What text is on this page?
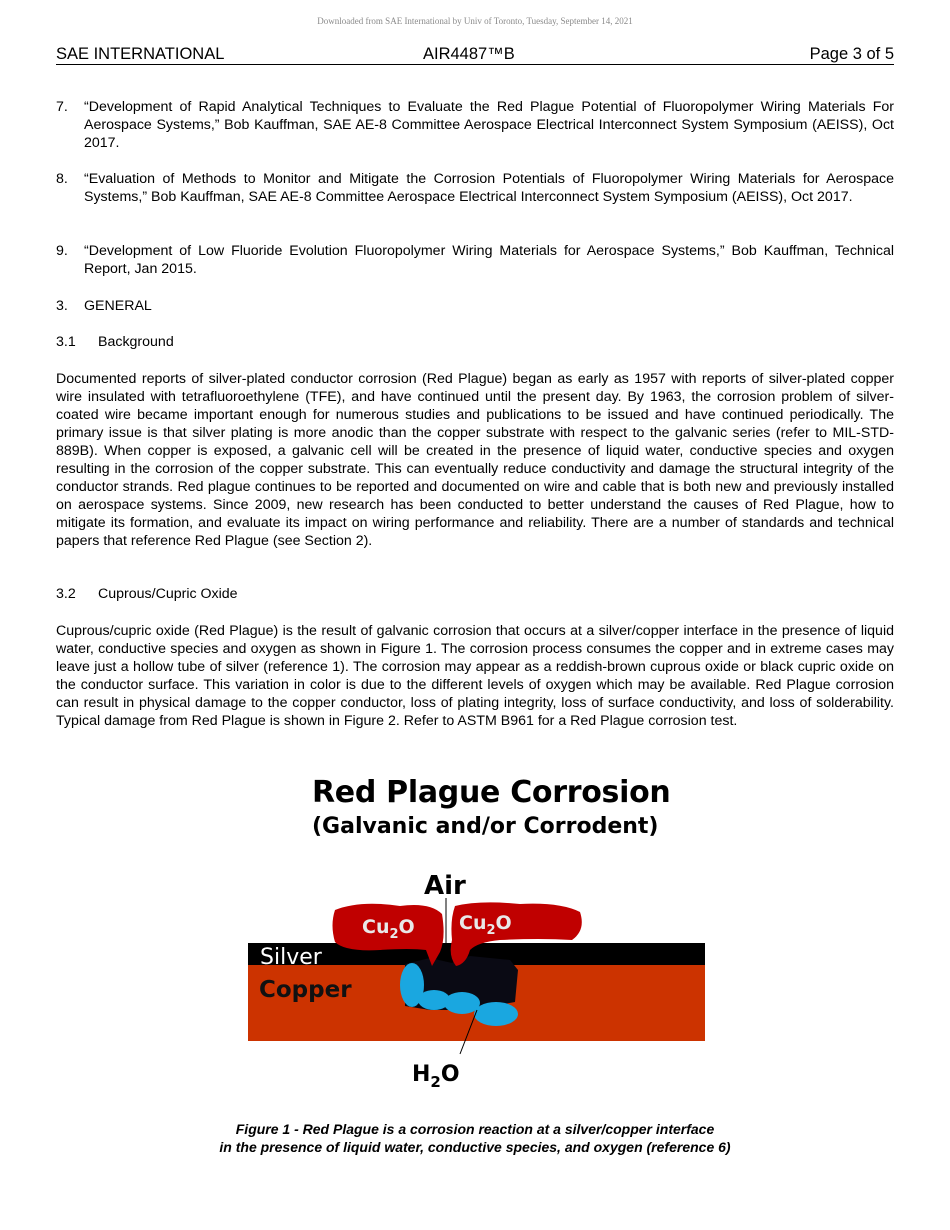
Downloaded from SAE International by Univ of Toronto, Tuesday, September 14, 2021
SAE INTERNATIONAL	AIR4487™B	Page 3 of 5
7. “Development of Rapid Analytical Techniques to Evaluate the Red Plague Potential of Fluoropolymer Wiring Materials For Aerospace Systems,” Bob Kauffman, SAE AE-8 Committee Aerospace Electrical Interconnect System Symposium (AEISS), Oct 2017.
8. “Evaluation of Methods to Monitor and Mitigate the Corrosion Potentials of Fluoropolymer Wiring Materials for Aerospace Systems,” Bob Kauffman, SAE AE-8 Committee Aerospace Electrical Interconnect System Symposium (AEISS), Oct 2017.
9. “Development of Low Fluoride Evolution Fluoropolymer Wiring Materials for Aerospace Systems,” Bob Kauffman, Technical Report, Jan 2015.
3. GENERAL
3.1 Background
Documented reports of silver-plated conductor corrosion (Red Plague) began as early as 1957 with reports of silver-plated copper wire insulated with tetrafluoroethylene (TFE), and have continued until the present day. By 1963, the corrosion problem of silver-coated wire became important enough for numerous studies and publications to be issued and have continued periodically. The primary issue is that silver plating is more anodic than the copper substrate with respect to the galvanic series (refer to MIL-STD-889B). When copper is exposed, a galvanic cell will be created in the presence of liquid water, conductive species and oxygen resulting in the corrosion of the copper substrate. This can eventually reduce conductivity and damage the structural integrity of the conductor strands. Red plague continues to be reported and documented on wire and cable that is both new and previously installed on aerospace systems. Since 2009, new research has been conducted to better understand the causes of Red Plague, how to mitigate its formation, and evaluate its impact on wiring performance and reliability. There are a number of standards and technical papers that reference Red Plague (see Section 2).
3.2 Cuprous/Cupric Oxide
Cuprous/cupric oxide (Red Plague) is the result of galvanic corrosion that occurs at a silver/copper interface in the presence of liquid water, conductive species and oxygen as shown in Figure 1. The corrosion process consumes the copper and in extreme cases may leave just a hollow tube of silver (reference 1). The corrosion may appear as a reddish-brown cuprous oxide or black cupric oxide on the conductor surface. This variation in color is due to the different levels of oxygen which may be available. Red Plague corrosion can result in physical damage to the copper conductor, loss of plating integrity, loss of surface conductivity, and loss of solderability. Typical damage from Red Plague is shown in Figure 2. Refer to ASTM B961 for a Red Plague corrosion test.
Red Plague Corrosion
(Galvanic and/or Corrodent)
Air
$Cu_2O$ $Cu_2O$
Silver
Copper
$H_2O$
Figure 1 - Red Plague is a corrosion reaction at a silver/copper interface
in the presence of liquid water, conductive species, and oxygen (reference 6)
